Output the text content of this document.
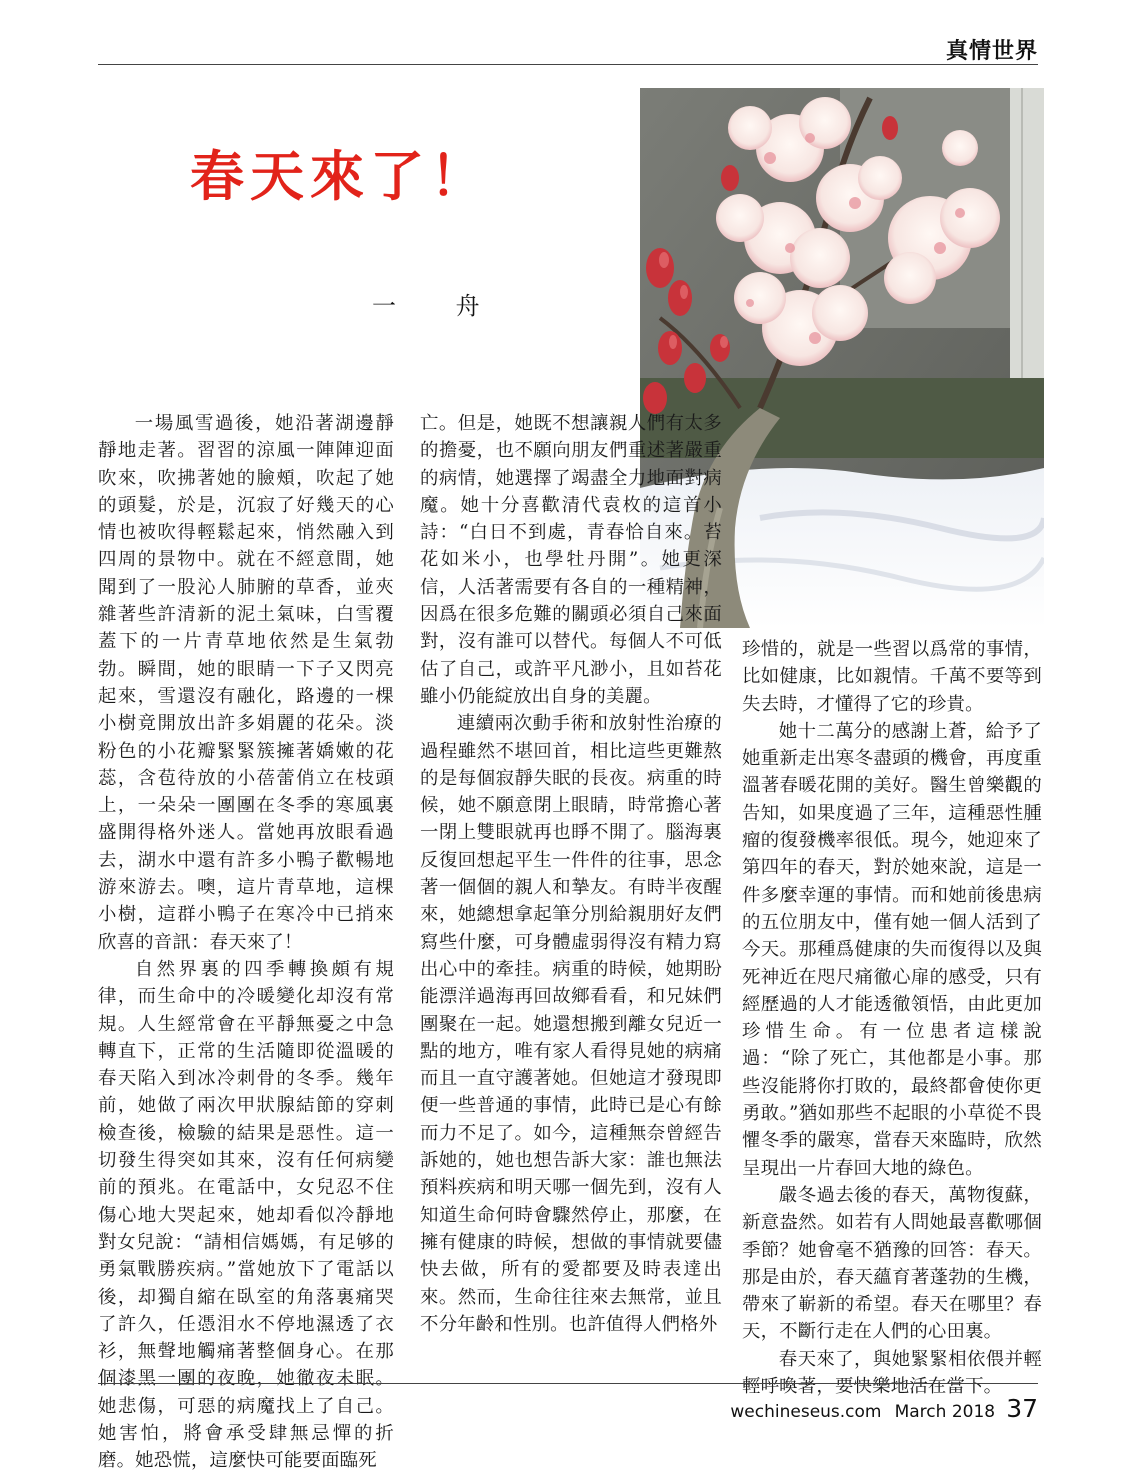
真情世界
春天來了！
一 舟

一場風雪過後，她沿著湖邊靜靜地走著。習習的涼風一陣陣迎面吹來，吹拂著她的臉頰，吹起了她的頭髮，於是，沉寂了好幾天的心情也被吹得輕鬆起來，悄然融入到四周的景物中。就在不經意間，她聞到了一股沁人肺腑的草香，並夾雜著些許清新的泥土氣味，白雪覆蓋下的一片青草地依然是生氣勃勃。瞬間，她的眼睛一下子又閃亮起來，雪還沒有融化，路邊的一棵小樹竟開放出許多娟麗的花朵。淡粉色的小花瓣緊緊簇擁著嬌嫩的花蕊，含苞待放的小蓓蕾俏立在枝頭上，一朵朵一團團在冬季的寒風裏盛開得格外迷人。當她再放眼看過去，湖水中還有許多小鴨子歡暢地游來游去。噢，這片青草地，這棵小樹，這群小鴨子在寒冷中已捎來欣喜的音訊：春天來了！

自然界裏的四季轉換頗有規律，而生命中的冷暖變化却沒有常規。人生經常會在平靜無憂之中急轉直下，正常的生活隨即從溫暖的春天陷入到冰冷刺骨的冬季。幾年前，她做了兩次甲狀腺結節的穿刺檢查後，檢驗的結果是惡性。這一切發生得突如其來，沒有任何病變前的預兆。在電話中，女兒忍不住傷心地大哭起來，她却看似冷靜地對女兒說：“請相信媽媽，有足够的勇氣戰勝疾病。”當她放下了電話以後，却獨自縮在臥室的角落裏痛哭了許久，任憑泪水不停地濕透了衣衫，無聲地觸痛著整個身心。在那個漆黑一團的夜晚，她徹夜未眠。她悲傷，可惡的病魔找上了自己。她害怕，將會承受肆無忌憚的折磨。她恐慌，這麼快可能要面臨死

亡。但是，她既不想讓親人們有太多的擔憂，也不願向朋友們重述著嚴重的病情，她選擇了竭盡全力地面對病魔。她十分喜歡清代袁枚的這首小詩：“白日不到處，青春恰自來。苔花如米小，也學牡丹開”。她更深信，人活著需要有各自的一種精神，因爲在很多危難的關頭必須自己來面對，沒有誰可以替代。每個人不可低估了自己，或許平凡渺小，且如苔花雖小仍能綻放出自身的美麗。

連續兩次動手術和放射性治療的過程雖然不堪回首，相比這些更難熬的是每個寂靜失眠的長夜。病重的時候，她不願意閉上眼睛，時常擔心著一閉上雙眼就再也睜不開了。腦海裏反復回想起平生一件件的往事，思念著一個個的親人和摯友。有時半夜醒來，她總想拿起筆分別給親朋好友們寫些什麼，可身體虛弱得沒有精力寫出心中的牽挂。病重的時候，她期盼能漂洋過海再回故鄉看看，和兄妹們團聚在一起。她還想搬到離女兒近一點的地方，唯有家人看得見她的病痛而且一直守護著她。但她這才發現即便一些普通的事情，此時已是心有餘而力不足了。如今，這種無奈曾經告訴她的，她也想告訴大家：誰也無法預料疾病和明天哪一個先到，沒有人知道生命何時會驟然停止，那麼，在擁有健康的時候，想做的事情就要儘快去做，所有的愛都要及時表達出來。然而，生命往往來去無常，並且不分年齡和性別。也許值得人們格外

珍惜的，就是一些習以爲常的事情，比如健康，比如親情。千萬不要等到失去時，才懂得了它的珍貴。

她十二萬分的感謝上蒼，給予了她重新走出寒冬盡頭的機會，再度重溫著春暖花開的美好。醫生曾樂觀的告知，如果度過了三年，這種惡性腫瘤的復發機率很低。現今，她迎來了第四年的春天，對於她來說，這是一件多麼幸運的事情。而和她前後患病的五位朋友中，僅有她一個人活到了今天。那種爲健康的失而復得以及與死神近在咫尺痛徹心扉的感受，只有經歷過的人才能透徹領悟，由此更加珍惜生命。有一位患者這樣說過：“除了死亡，其他都是小事。那些沒能將你打敗的，最終都會使你更勇敢。”猶如那些不起眼的小草從不畏懼冬季的嚴寒，當春天來臨時，欣然呈現出一片春回大地的綠色。

嚴冬過去後的春天，萬物復蘇，新意盎然。如若有人問她最喜歡哪個季節？她會毫不猶豫的回答：春天。那是由於，春天蘊育著蓬勃的生機，帶來了嶄新的希望。春天在哪里？春天，不斷行走在人們的心田裏。

春天來了，與她緊緊相依偎并輕輕呼喚著，要快樂地活在當下。

wechineseus.com March 2018 37
